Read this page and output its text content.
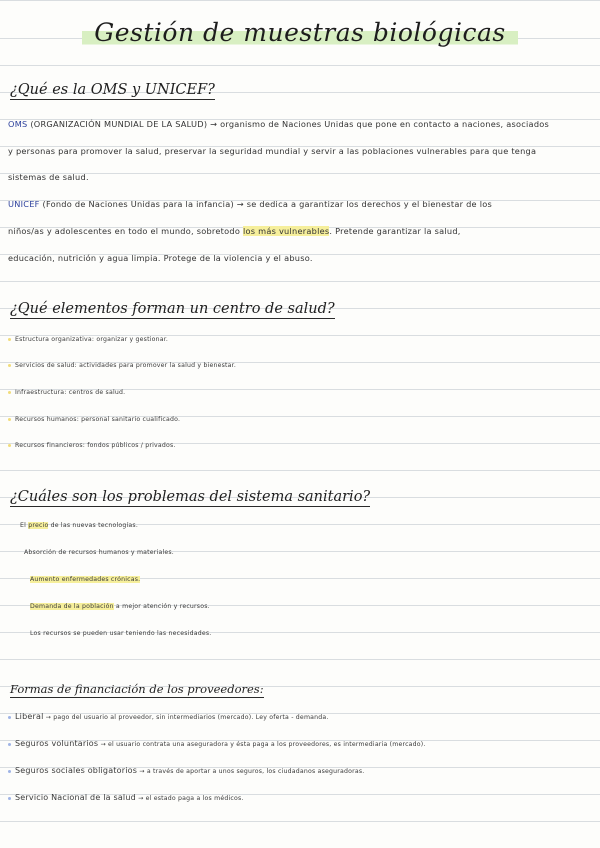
Gestión de muestras biológicas
¿Qué es la OMS y UNICEF?
OMS (ORGANIZACIÓN MUNDIAL DE LA SALUD) → organismo de Naciones Unidas que pone en contacto a naciones, asociados
y personas para promover la salud, preservar la seguridad mundial y servir a las poblaciones vulnerables para que tenga
sistemas de salud.
UNICEF (Fondo de Naciones Unidas para la infancia) → se dedica a garantizar los derechos y el bienestar de los
niños/as y adolescentes en todo el mundo, sobretodo los más vulnerables. Pretende garantizar la salud,
educación, nutrición y agua limpia. Protege de la violencia y el abuso.
¿Qué elementos forman un centro de salud?
Estructura organizativa: organizar y gestionar.
Servicios de salud: actividades para promover la salud y bienestar.
Infraestructura: centros de salud.
Recursos humanos: personal sanitario cualificado.
Recursos financieros: fondos públicos / privados.
¿Cuáles son los problemas del sistema sanitario?
El precio de las nuevas tecnologías.
Absorción de recursos humanos y materiales.
Aumento enfermedades crónicas.
Demanda de la población a mejor atención y recursos.
Los recursos se pueden usar teniendo las necesidades.
Formas de financiación de los proveedores:
Liberal → pago del usuario al proveedor, sin intermediarios (mercado). Ley oferta - demanda.
Seguros voluntarios → el usuario contrata una aseguradora y ésta paga a los proveedores, es intermediaria (mercado).
Seguros sociales obligatorios → a través de aportar a unos seguros, los ciudadanos aseguradoras.
Servicio Nacional de la salud → el estado paga a los médicos.
